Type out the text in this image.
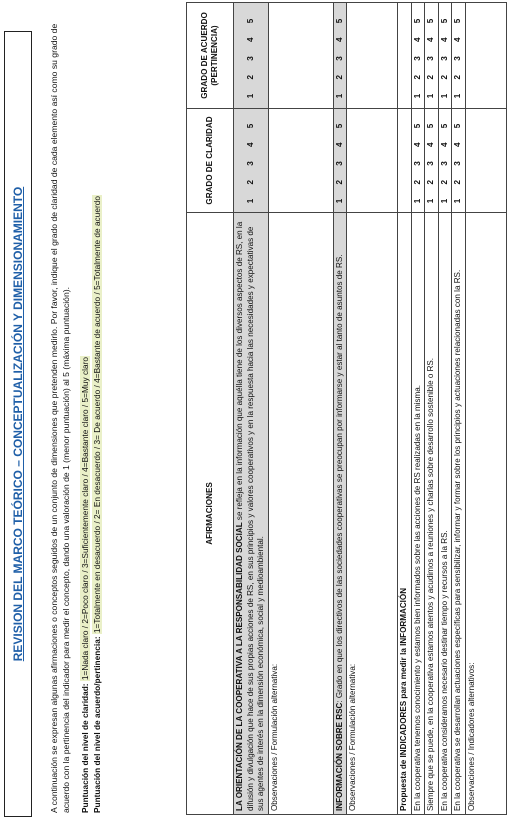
REVISION DEL MARCO TEÓRICO – CONCEPTUALIZACIÓN Y DIMENSIONAMIENTO	A continuación se expresan algunas afirmaciones o conceptos seguidos de un conjunto de dimensiones que pretenden medirlo. Por favor, indique el grado de claridad de cada elemento así como su grado de acuerdo con la pertinencia del indicador para medir el concepto, dando una valoración de 1 (menor puntuación) al 5 (máxima puntuación). Puntuación del nivel de claridad: 1=Nada claro / 2=Poco claro / 3=Suficientemente claro / 4=Bastante claro / 5=Muy claro
Puntuación del nivel de acuerdo/pertinencia: 1=Totalmente en desacuerdo / 2= En desacuerdo / 3= De acuerdo / 4=Bastante de acuerdo / 5=Totalmente de acuerdo	AFIRMACIONES	GRADO DE CLARIDAD	GRADO DE ACUERDO (PERTINENCIA)
LA ORIENTACIÓN DE LA COOPERATIVA A LA RESPONSABILIDAD SOCIAL se refleja en la información que aquélla tiene de los diversos aspectos de RS, en la difusión y divulgación que hace de sus propias acciones de RS, en sus principios y valores cooperativos y en la respuesta hacia las necesidades y expectativas de sus agentes de interés en la dimensión económica, social y medioambiental.	1 2 3 4 5	1 2 3 4 5
Observaciones / Formulación alternativa:		
INFORMACIÓN SOBRE RSC: Grado en que los directivos de las sociedades cooperativas se preocupan por informarse y estar al tanto de asuntos de RS.	1 2 3 4 5	1 2 3 4 5
Observaciones / Formulación alternativa:		
Propuesta de INDICADORES para medir la INFORMACIÓN		
En la cooperativa tenemos conocimiento y estamos bien informados sobre las acciones de RS realizadas en la misma.	1 2 3 4 5	1 2 3 4 5
Siempre que se puede, en la cooperativa estamos atentos y acudimos a reuniones y charlas sobre desarrollo sostenible o RS.	1 2 3 4 5	1 2 3 4 5
En la cooperativa consideramos necesario destinar tiempo y recursos a la RS.	1 2 3 4 5	1 2 3 4 5
En la cooperativa se desarrollan actuaciones específicas para sensibilizar, informar y formar sobre los principios y actuaciones relacionadas con la RS.	1 2 3 4 5	1 2 3 4 5
Observaciones / Indicadores alternativos:		
